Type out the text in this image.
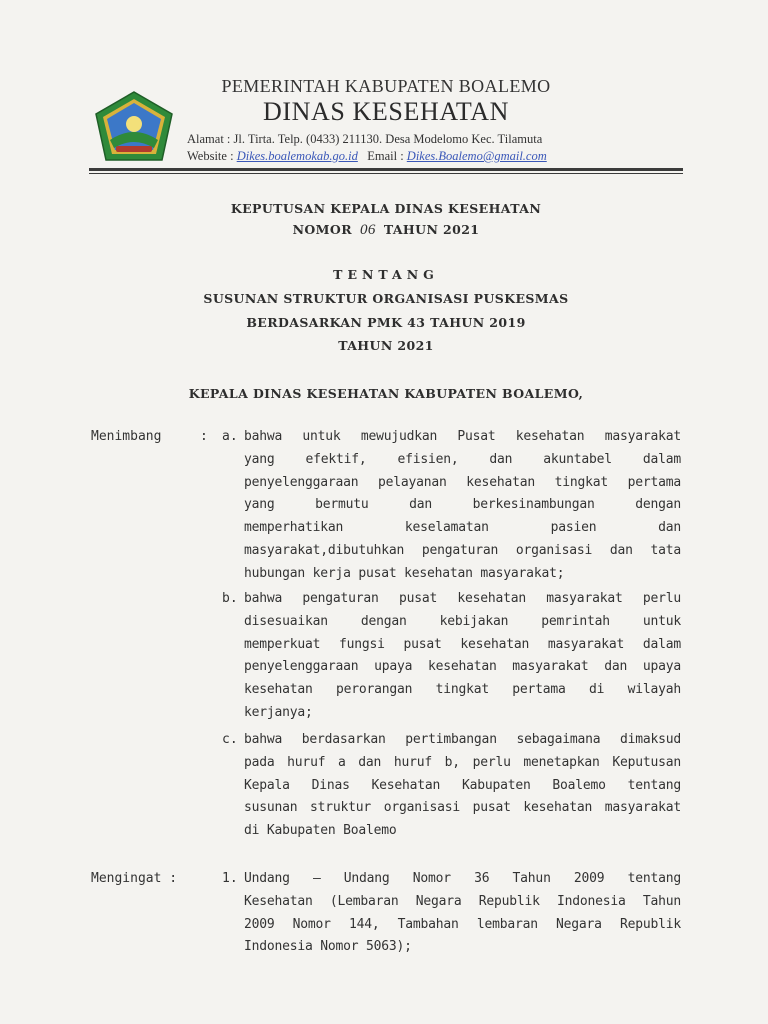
PEMERINTAH KABUPATEN BOALEMO
DINAS KESEHATAN
Alamat : Jl. Tirta. Telp. (0433) 211130. Desa Modelomo Kec. Tilamuta
Website : Dikes.boalemokab.go.id Email : Dikes.Boalemo@gmail.com
KEPUTUSAN KEPALA DINAS KESEHATAN
NOMOR 06 TAHUN 2021
TENTANG
SUSUNAN STRUKTUR ORGANISASI PUSKESMAS
BERDASARKAN PMK 43 TAHUN 2019
TAHUN 2021
KEPALA DINAS KESEHATAN KABUPATEN BOALEMO,
Menimbang	: a. bahwa untuk mewujudkan Pusat kesehatan masyarakat
yang efektif, efisien, dan akuntabel dalam
penyelenggaraan pelayanan kesehatan tingkat pertama
yang bermutu dan berkesinambungan dengan
memperhatikan keselamatan pasien dan
masyarakat,dibutuhkan pengaturan organisasi dan tata
hubungan kerja pusat kesehatan masyarakat;
b. bahwa pengaturan pusat kesehatan masyarakat perlu
disesuaikan dengan kebijakan pemrintah untuk
memperkuat fungsi pusat kesehatan masyarakat dalam
penyelenggaraan upaya kesehatan masyarakat dan upaya
kesehatan perorangan tingkat pertama di wilayah
kerjanya;
c. bahwa berdasarkan pertimbangan sebagaimana dimaksud
pada huruf a dan huruf b, perlu menetapkan Keputusan
Kepala Dinas Kesehatan Kabupaten Boalemo tentang
susunan struktur organisasi pusat kesehatan masyarakat
di Kabupaten Boalemo
Mengingat :	1. Undang – Undang Nomor 36 Tahun 2009 tentang
Kesehatan (Lembaran Negara Republik Indonesia Tahun
2009 Nomor 144, Tambahan lembaran Negara Republik
Indonesia Nomor 5063);
